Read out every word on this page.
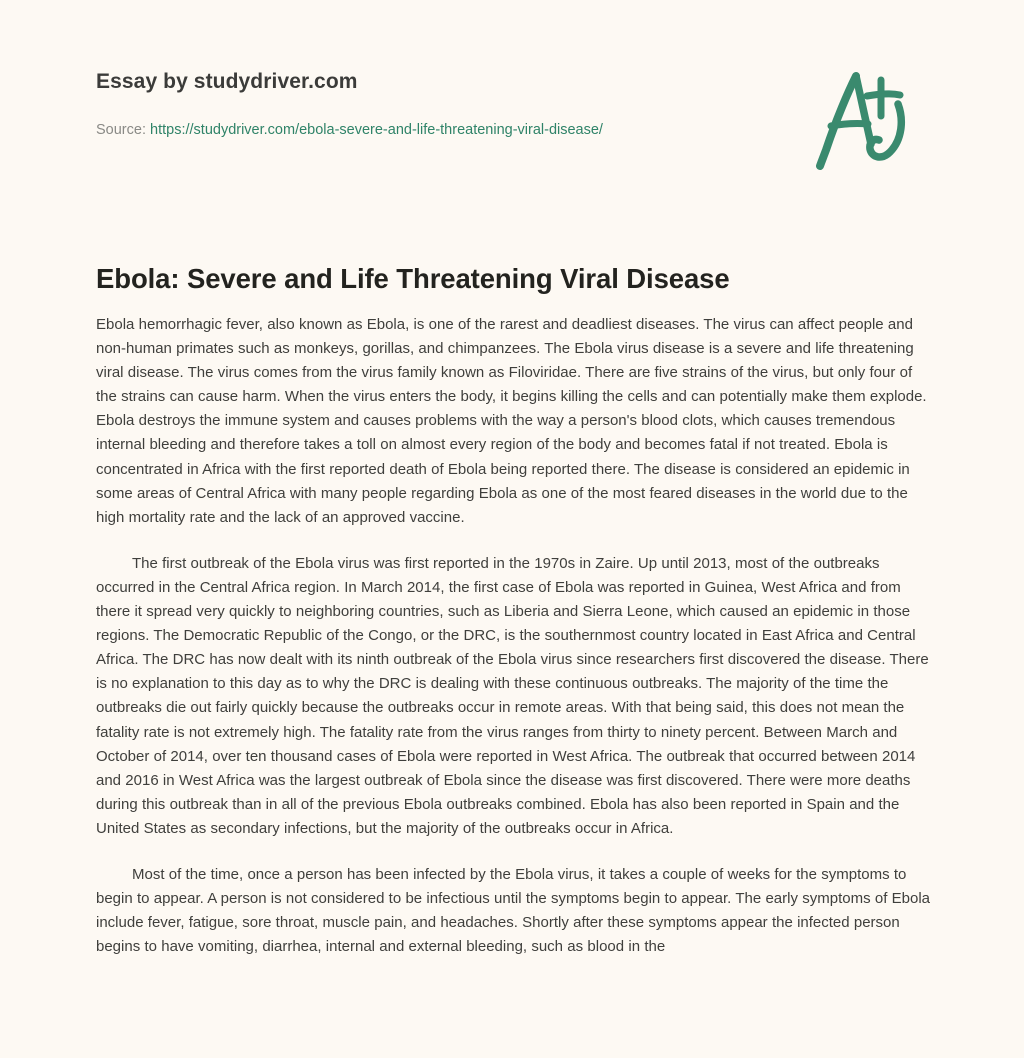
Essay by studydriver.com
Source: https://studydriver.com/ebola-severe-and-life-threatening-viral-disease/
Ebola: Severe and Life Threatening Viral Disease

Ebola hemorrhagic fever, also known as Ebola, is one of the rarest and deadliest diseases. The virus can affect people and non-human primates such as monkeys, gorillas, and chimpanzees. The Ebola virus disease is a severe and life threatening viral disease. The virus comes from the virus family known as Filoviridae. There are five strains of the virus, but only four of the strains can cause harm. When the virus enters the body, it begins killing the cells and can potentially make them explode. Ebola destroys the immune system and causes problems with the way a person's blood clots, which causes tremendous internal bleeding and therefore takes a toll on almost every region of the body and becomes fatal if not treated. Ebola is concentrated in Africa with the first reported death of Ebola being reported there. The disease is considered an epidemic in some areas of Central Africa with many people regarding Ebola as one of the most feared diseases in the world due to the high mortality rate and the lack of an approved vaccine.

The first outbreak of the Ebola virus was first reported in the 1970s in Zaire. Up until 2013, most of the outbreaks occurred in the Central Africa region. In March 2014, the first case of Ebola was reported in Guinea, West Africa and from there it spread very quickly to neighboring countries, such as Liberia and Sierra Leone, which caused an epidemic in those regions. The Democratic Republic of the Congo, or the DRC, is the southernmost country located in East Africa and Central Africa. The DRC has now dealt with its ninth outbreak of the Ebola virus since researchers first discovered the disease. There is no explanation to this day as to why the DRC is dealing with these continuous outbreaks. The majority of the time the outbreaks die out fairly quickly because the outbreaks occur in remote areas. With that being said, this does not mean the fatality rate is not extremely high. The fatality rate from the virus ranges from thirty to ninety percent. Between March and October of 2014, over ten thousand cases of Ebola were reported in West Africa. The outbreak that occurred between 2014 and 2016 in West Africa was the largest outbreak of Ebola since the disease was first discovered. There were more deaths during this outbreak than in all of the previous Ebola outbreaks combined. Ebola has also been reported in Spain and the United States as secondary infections, but the majority of the outbreaks occur in Africa.

Most of the time, once a person has been infected by the Ebola virus, it takes a couple of weeks for the symptoms to begin to appear. A person is not considered to be infectious until the symptoms begin to appear. The early symptoms of Ebola include fever, fatigue, sore throat, muscle pain, and headaches. Shortly after these symptoms appear the infected person begins to have vomiting, diarrhea, internal and external bleeding, such as blood in the
